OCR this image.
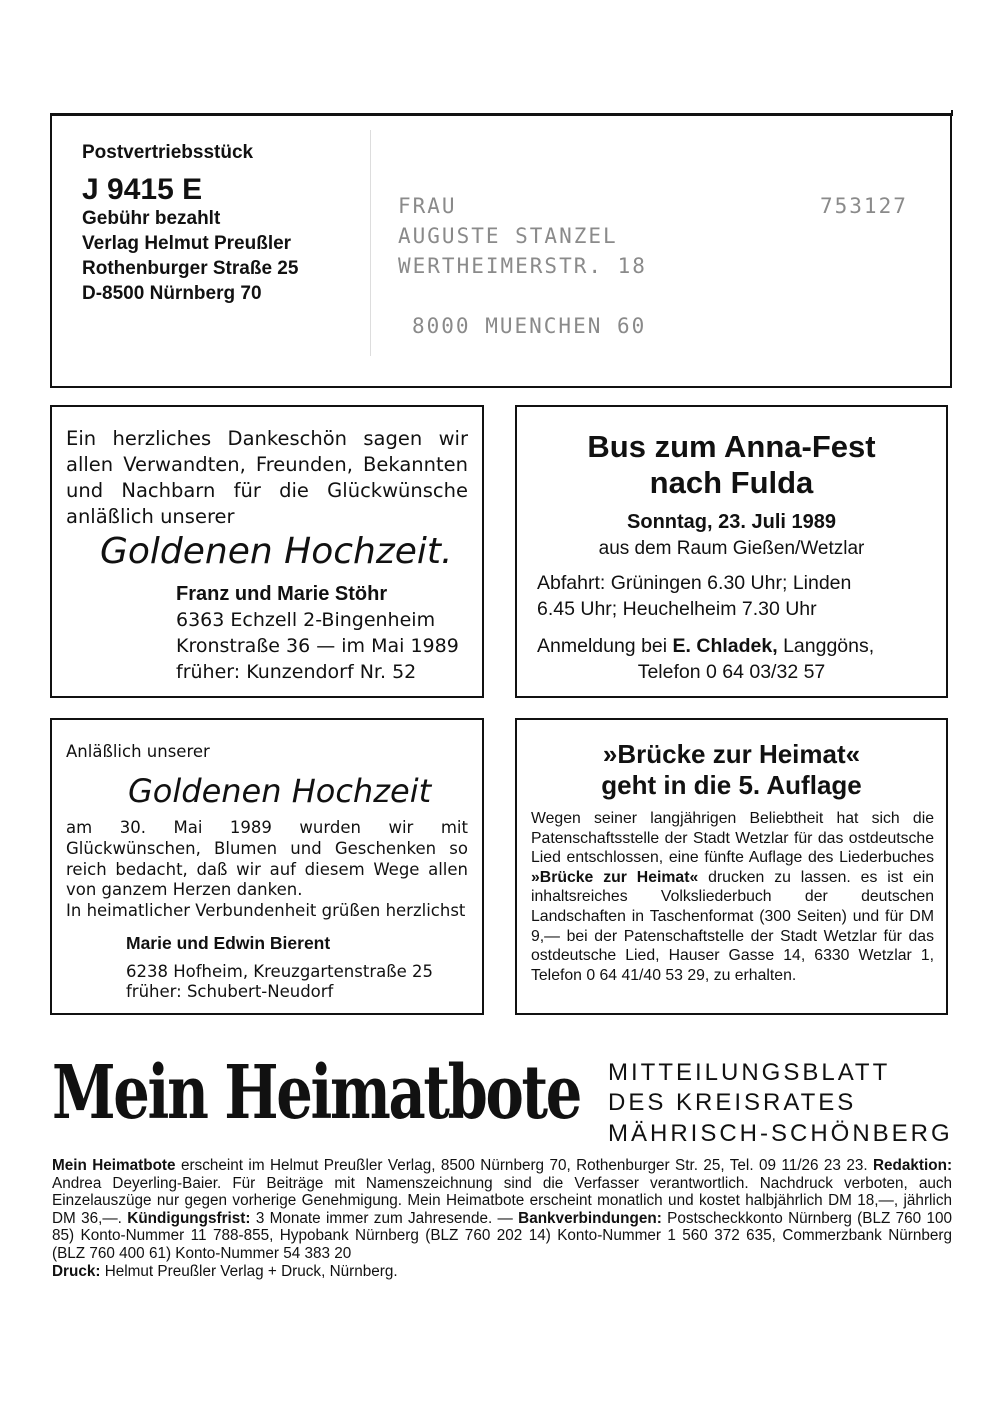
Postvertriebsstück
J 9415 E
Gebühr bezahlt
Verlag Helmut Preußler
Rothenburger Straße 25
D-8500 Nürnberg 70
FRAU
AUGUSTE STANZEL
WERTHEIMERSTR. 18
8000 MUENCHEN 60
753127

Ein herzliches Dankeschön sagen wir allen Verwandten, Freunden, Bekannten und Nachbarn für die Glückwünsche anläßlich unserer

Goldenen Hochzeit.

Franz und Marie Stöhr

6363 Echzell 2-Bingenheim

Kronstraße 36 — im Mai 1989

früher: Kunzendorf Nr. 52

Bus zum Anna-Fest

nach Fulda

Sonntag, 23. Juli 1989

aus dem Raum Gießen/Wetzlar

Abfahrt: Grüningen 6.30 Uhr; Linden

6.45 Uhr; Heuchelheim 7.30 Uhr

Anmeldung bei E. Chladek, Langgöns,

Telefon 0 64 03/32 57

Anläßlich unserer

Goldenen Hochzeit

am 30. Mai 1989 wurden wir mit Glückwünschen, Blumen und Geschenken so reich bedacht, daß wir auf diesem Wege allen von ganzem Herzen danken.

In heimatlicher Verbundenheit grüßen herzlichst

Marie und Edwin Bierent

6238 Hofheim, Kreuzgartenstraße 25

früher: Schubert-Neudorf

»Brücke zur Heimat«

geht in die 5. Auflage

Wegen seiner langjährigen Beliebtheit hat sich die Patenschaftsstelle der Stadt Wetzlar für das ostdeutsche Lied entschlossen, eine fünfte Auflage des Liederbuches »Brücke zur Heimat« drucken zu lassen. es ist ein inhaltsreiches Volksliederbuch der deutschen Landschaften in Taschenformat (300 Seiten) und für DM 9,— bei der Patenschaftstelle der Stadt Wetzlar für das ostdeutsche Lied, Hauser Gasse 14, 6330 Wetzlar 1, Telefon 0 64 41/40 53 29, zu erhalten.

Mein Heimatbote MITTEILUNGSBLATT
DES KREISRATES
MÄHRISCH-SCHÖNBERG

Mein Heimatbote erscheint im Helmut Preußler Verlag, 8500 Nürnberg 70, Rothenburger Str. 25, Tel. 09 11/26 23 23. Redaktion: Andrea Deyerling-Baier. Für Beiträge mit Namenszeichnung sind die Verfasser verantwortlich. Nachdruck verboten, auch Einzelauszüge nur gegen vorherige Genehmigung. Mein Heimatbote erscheint monatlich und kostet halbjährlich DM 18,—, jährlich DM 36,—. Kündigungsfrist: 3 Monate immer zum Jahresende. — Bankverbindungen: Postscheckkonto Nürnberg (BLZ 760 100 85) Konto-Nummer 11 788-855, Hypobank Nürnberg (BLZ 760 202 14) Konto-Nummer 1 560 372 635, Commerzbank Nürnberg (BLZ 760 400 61) Konto-Nummer 54 383 20

Druck: Helmut Preußler Verlag + Druck, Nürnberg.
